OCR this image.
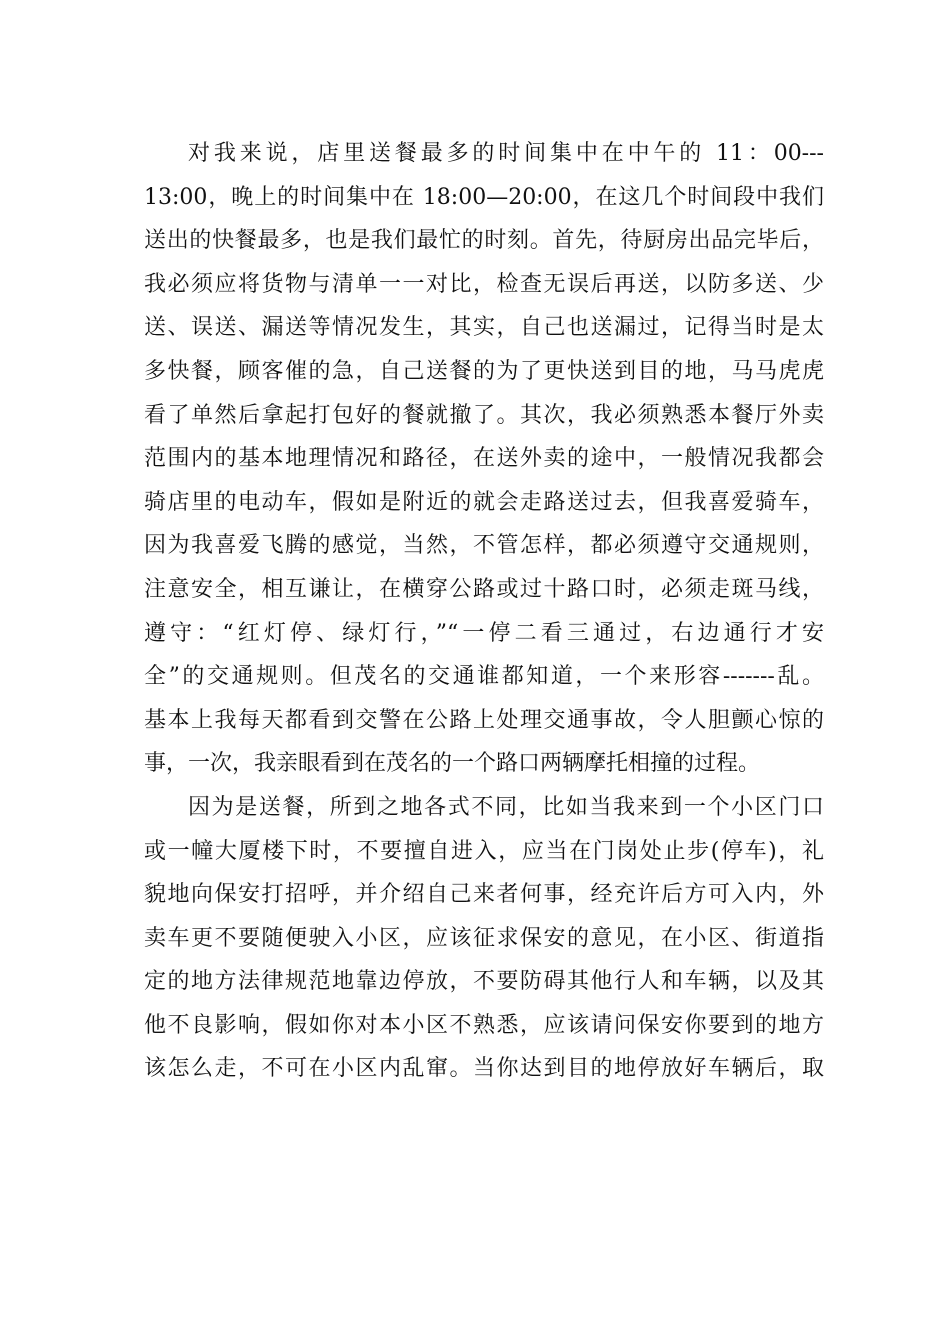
对我来说，店里送餐最多的时间集中在中午的 11：00---
13:00，晚上的时间集中在 18:00—20:00，在这几个时间段中我们
送出的快餐最多，也是我们最忙的时刻。首先，待厨房出品完毕后，
我必须应将货物与清单一一对比，检查无误后再送，以防多送、少
送、误送、漏送等情况发生，其实，自己也送漏过，记得当时是太
多快餐，顾客催的急，自己送餐的为了更快送到目的地，马马虎虎
看了单然后拿起打包好的餐就撤了。其次，我必须熟悉本餐厅外卖
范围内的基本地理情况和路径，在送外卖的途中，一般情况我都会
骑店里的电动车，假如是附近的就会走路送过去，但我喜爱骑车，
因为我喜爱飞腾的感觉，当然，不管怎样，都必须遵守交通规则，
注意安全，相互谦让，在横穿公路或过十路口时，必须走斑马线，
遵守：“红灯停、绿灯行，”“一停二看三通过，右边通行才安
全”的交通规则。但茂名的交通谁都知道，一个来形容-------乱。
基本上我每天都看到交警在公路上处理交通事故，令人胆颤心惊的
事，一次，我亲眼看到在茂名的一个路口两辆摩托相撞的过程。
因为是送餐，所到之地各式不同，比如当我来到一个小区门口
或一幢大厦楼下时，不要擅自进入，应当在门岗处止步(停车)，礼
貌地向保安打招呼，并介绍自己来者何事，经充许后方可入内，外
卖车更不要随便驶入小区，应该征求保安的意见，在小区、街道指
定的地方法律规范地靠边停放，不要防碍其他行人和车辆，以及其
他不良影响，假如你对本小区不熟悉，应该请问保安你要到的地方
该怎么走，不可在小区内乱窜。当你达到目的地停放好车辆后，取
